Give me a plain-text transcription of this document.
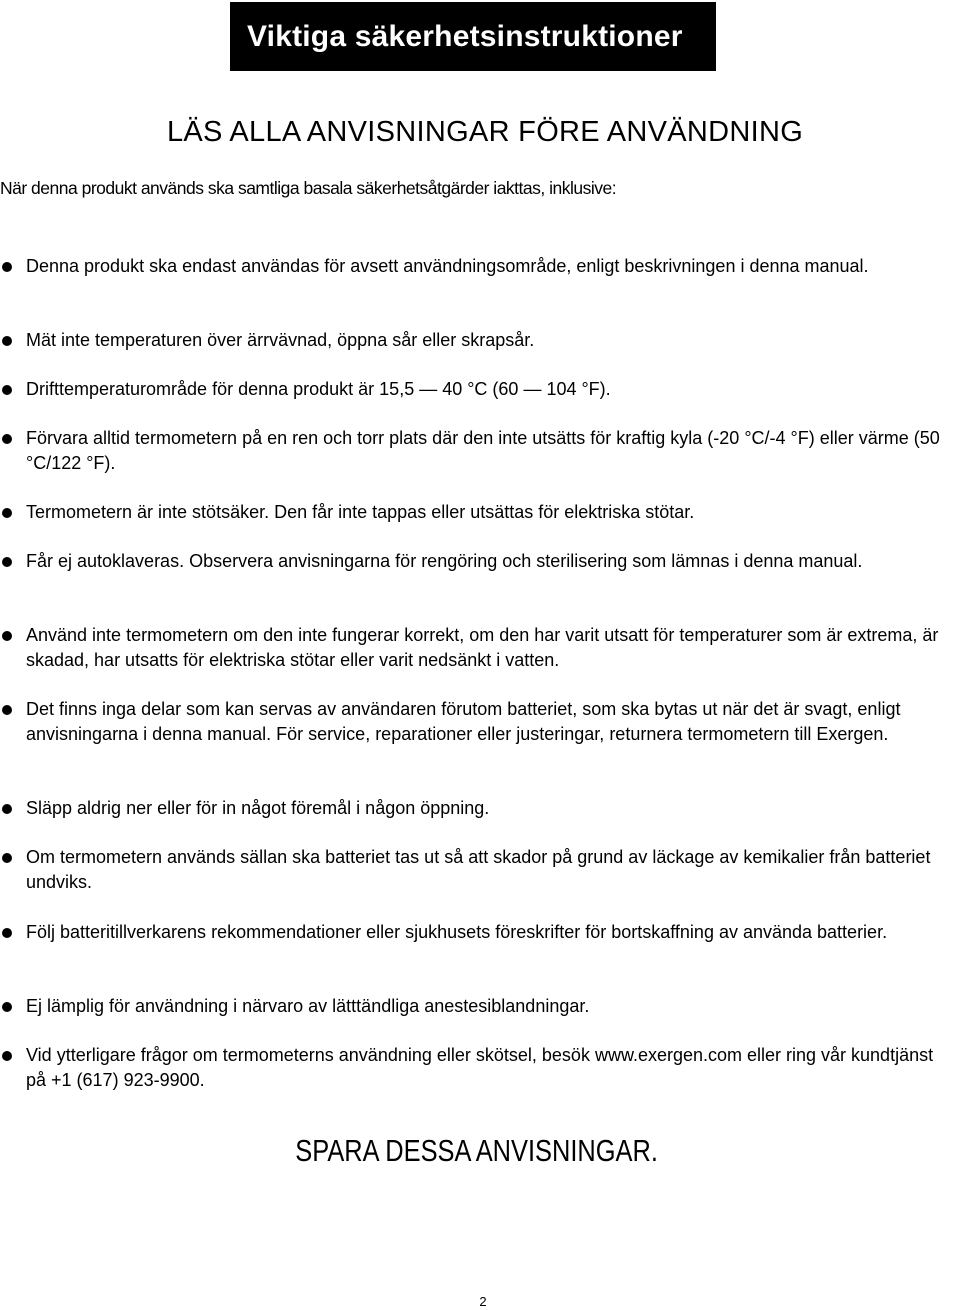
Viktiga säkerhetsinstruktioner
LÄS ALLA ANVISNINGAR FÖRE ANVÄNDNING
När denna produkt används ska samtliga basala säkerhetsåtgärder iakttas, inklusive:
Denna produkt ska endast användas för avsett användningsområde, enligt beskrivningen i denna manual.
Mät inte temperaturen över ärrvävnad, öppna sår eller skrapsår.
Drifttemperaturområde för denna produkt är 15,5 — 40 °C (60 — 104 °F).
Förvara alltid termometern på en ren och torr plats där den inte utsätts för kraftig kyla (-20 °C/-4 °F) eller värme (50 °C/122 °F).
Termometern är inte stötsäker. Den får inte tappas eller utsättas för elektriska stötar.
Får ej autoklaveras. Observera anvisningarna för rengöring och sterilisering som lämnas i denna manual.
Använd inte termometern om den inte fungerar korrekt, om den har varit utsatt för temperaturer som är extrema, är skadad, har utsatts för elektriska stötar eller varit nedsänkt i vatten.
Det finns inga delar som kan servas av användaren förutom batteriet, som ska bytas ut när det är svagt, enligt anvisningarna i denna manual. För service, reparationer eller justeringar, returnera termometern till Exergen.
Släpp aldrig ner eller för in något föremål i någon öppning.
Om termometern används sällan ska batteriet tas ut så att skador på grund av läckage av kemikalier från batteriet undviks.
Följ batteritillverkarens rekommendationer eller sjukhusets föreskrifter för bortskaffning av använda batterier.
Ej lämplig för användning i närvaro av lätttändliga anestesiblandningar.
Vid ytterligare frågor om termometerns användning eller skötsel, besök www.exergen.com eller ring vår kundtjänst på +1 (617) 923-9900.
SPARA DESSA ANVISNINGAR.
2
